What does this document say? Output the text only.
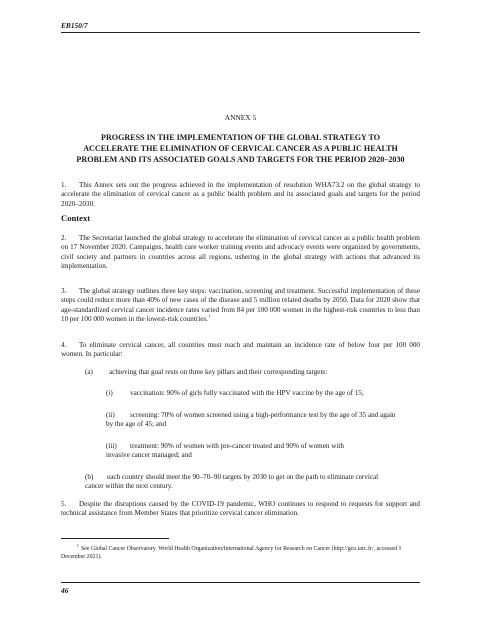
EB150/7
ANNEX 5
PROGRESS IN THE IMPLEMENTATION OF THE GLOBAL STRATEGY TO ACCELERATE THE ELIMINATION OF CERVICAL CANCER AS A PUBLIC HEALTH PROBLEM AND ITS ASSOCIATED GOALS AND TARGETS FOR THE PERIOD 2020–2030
1. This Annex sets out the progress achieved in the implementation of resolution WHA73.2 on the global strategy to accelerate the elimination of cervical cancer as a public health problem and its associated goals and targets for the period 2020–2030.
Context
2. The Secretariat launched the global strategy to accelerate the elimination of cervical cancer as a public health problem on 17 November 2020. Campaigns, health care worker training events and advocacy events were organized by governments, civil society and partners in countries across all regions, ushering in the global strategy with actions that advanced its implementation.
3. The global strategy outlines three key steps: vaccination, screening and treatment. Successful implementation of these steps could reduce more than 40% of new cases of the disease and 5 million related deaths by 2050. Data for 2020 show that age-standardized cervical cancer incidence rates varied from 84 per 100 000 women in the highest-risk countries to less than 10 per 100 000 women in the lowest-risk countries.$^1$
4. To eliminate cervical cancer, all countries must reach and maintain an incidence rate of below four per 100 000 women. In particular:
(a) achieving that goal rests on three key pillars and their corresponding targets:
(i) vaccination: 90% of girls fully vaccinated with the HPV vaccine by the age of 15;
(ii) screening: 70% of women screened using a high-performance test by the age of 35 and again by the age of 45; and
(iii) treatment: 90% of women with pre-cancer treated and 90% of women with invasive cancer managed; and
(b) each country should meet the 90–70–90 targets by 2030 to get on the path to eliminate cervical cancer within the next century.
5. Despite the disruptions caused by the COVID-19 pandemic, WHO continues to respond to requests for support and technical assistance from Member States that prioritize cervical cancer elimination.
$^1$See Global Cancer Observatory. World Health Organization/International Agency for Research on Cancer (http://gco.iarc.fr/, accessed 1 December 2021).
46
